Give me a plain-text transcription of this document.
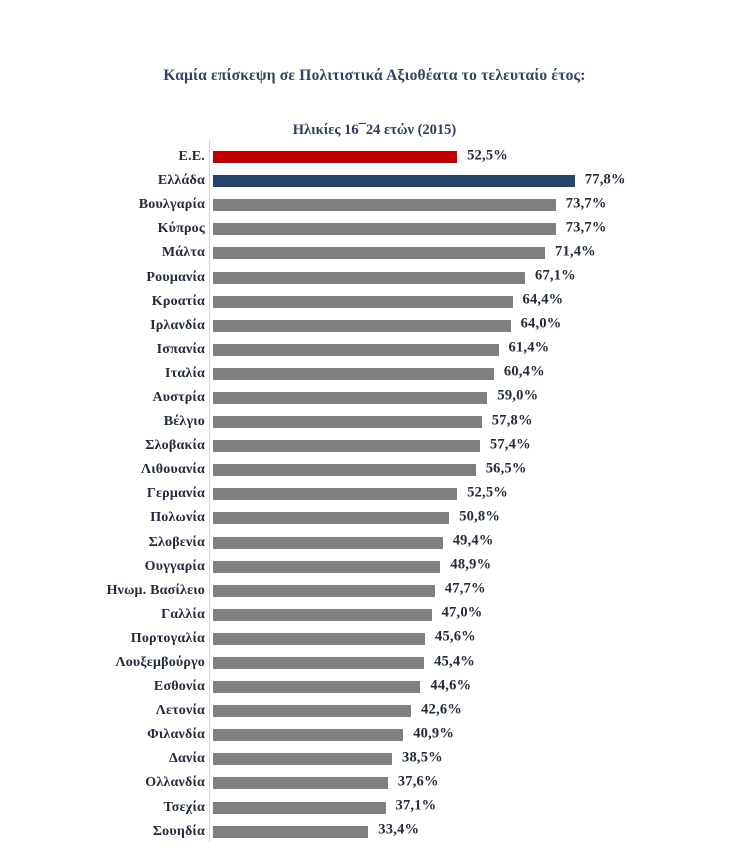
Καμία επίσκεψη σε Πολιτιστικά Αξιοθέατα το τελευταίο έτος:
Ηλικίες 16¯24 ετών (2015)
Ε.Ε.	52,5%
Ελλάδα	77,8%
Βουλγαρία	73,7%
Κύπρος	73,7%
Μάλτα	71,4%
Ρουμανία	67,1%
Κροατία	64,4%
Ιρλανδία	64,0%
Ισπανία	61,4%
Ιταλία	60,4%
Αυστρία	59,0%
Βέλγιο	57,8%
Σλοβακία	57,4%
Λιθουανία	56,5%
Γερμανία	52,5%
Πολωνία	50,8%
Σλοβενία	49,4%
Ουγγαρία	48,9%
Ηνωμ. Βασίλειο	47,7%
Γαλλία	47,0%
Πορτογαλία	45,6%
Λουξεμβούργο	45,4%
Εσθονία	44,6%
Λετονία	42,6%
Φιλανδία	40,9%
Δανία	38,5%
Ολλανδία	37,6%
Τσεχία	37,1%
Σουηδία	33,4%
